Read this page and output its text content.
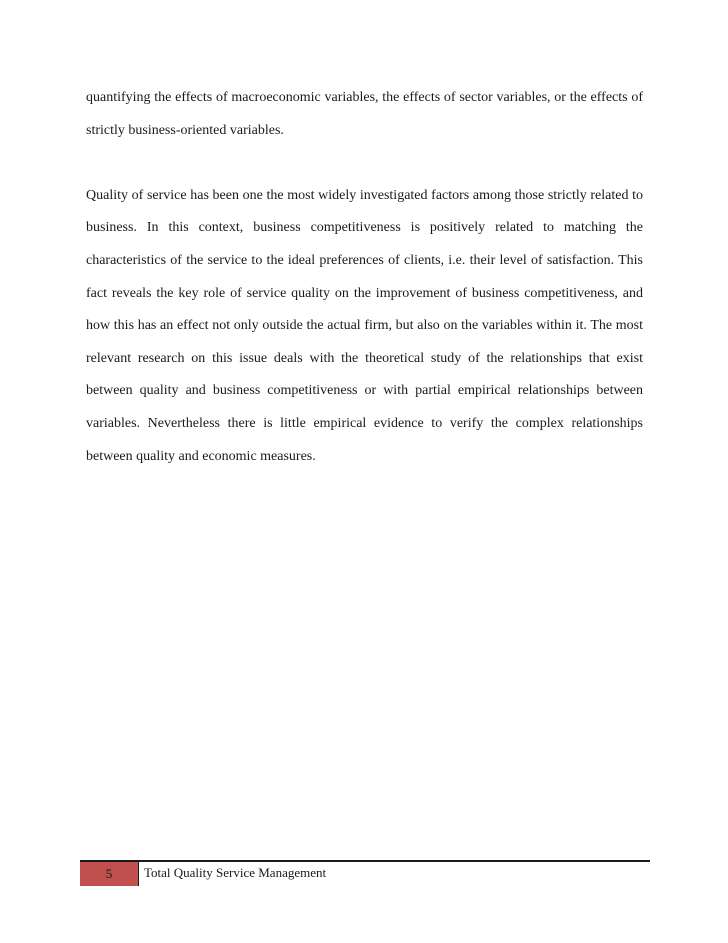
quantifying the effects of macroeconomic variables, the effects of sector variables, or the effects of strictly business-oriented variables.

Quality of service has been one the most widely investigated factors among those strictly related to business. In this context, business competitiveness is positively related to matching the characteristics of the service to the ideal preferences of clients, i.e. their level of satisfaction. This fact reveals the key role of service quality on the improvement of business competitiveness, and how this has an effect not only outside the actual firm, but also on the variables within it. The most relevant research on this issue deals with the theoretical study of the relationships that exist between quality and business competitiveness or with partial empirical relationships between variables. Nevertheless there is little empirical evidence to verify the complex relationships between quality and economic measures.

5 Total Quality Service Management
